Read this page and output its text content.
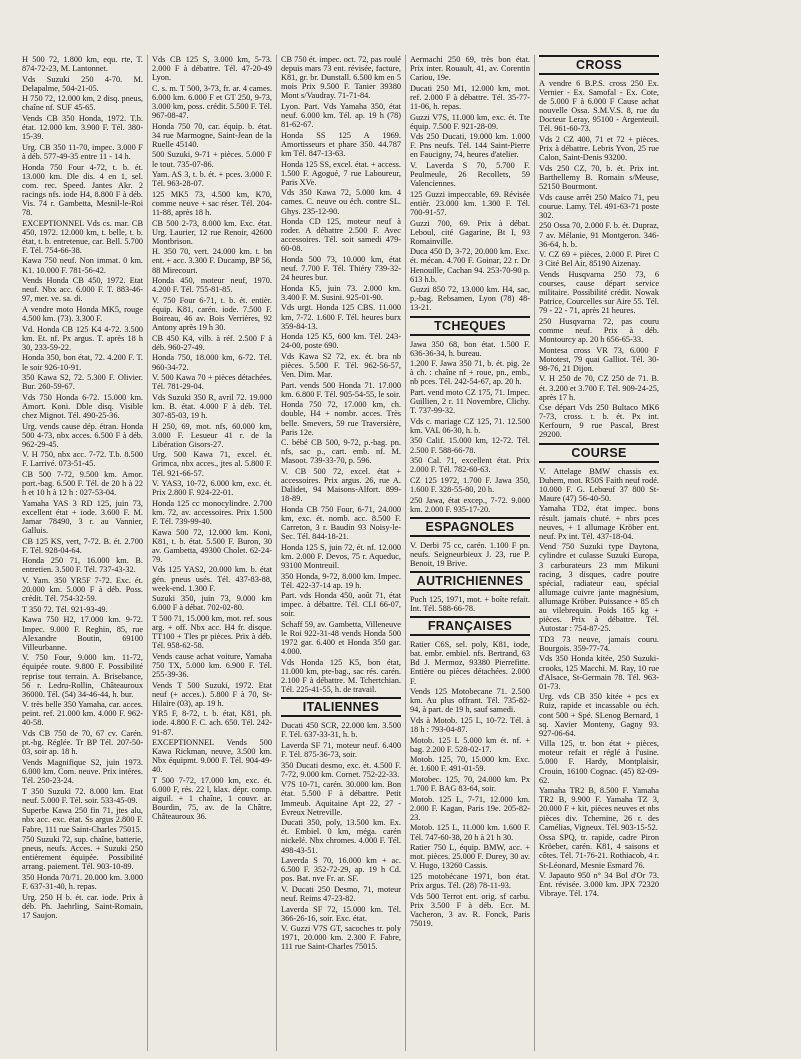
H 500 72, 1.800 km, equ. rte, T. 874-72-23, M. Lantonnet.
Vds Suzuki 250 4-70. M. Delapalme, 504-21-05.
H 750 72, 12.000 km, 2 disq. pneus, chaîne nf. SUF 45-65.
Vends CB 350 Honda, 1972. T.b. état. 12.000 km. 3.900 F. Tél. 380-15-39.
Urg. CB 350 11-70, impec. 3.000 F à déb. 577-49-35 entre 11 - 14 h.
Honda 750 Four 4-72, t. b. ét. 13.000 km. Dle dis. 4 en 1, sel. com. rec. Speed. Jantes Akr. 2 racings nfs. iode H4, 8.800 F à déb. Vis. 74 r. Gambetta, Mesnil-le-Roi 78.
EXCEPTIONNEL Vds cs. mar. CB 450, 1972. 12.000 km, t. belle, t. b. état, t. b. entretenue, car. Bell. 5.700 F. Tél. 754-66-38.
Kawa 750 neuf. Non immat. 0 km. K1. 10.000 F. 781-56-42.
Vends Honda CB 450, 1972. Etat neuf. Nbx acc. 6.000 F. T. 883-46-97, mer. ve. sa. di.
A vendre moto Honda MK5, rouge 4.500 km. (73). 3.300 F.
Vd. Honda CB 125 K4 4-72. 3.500 km. Et. nf. Px argus. T. après 18 h 30, 233-59-22.
Honda 350, bon état, 72. 4.200 F. T. le soir 926-10-91.
350 Kawa S2, 72. 5.300 F. Olivier. Bur. 260-59-67.
Vds 750 Honda 6-72. 15.000 km. Amort. Koni. Dble disq. Visible chez Mignot. Tél. 490-25-36.
Urg. vends cause dép. étran. Honda 500 4-73, nbx acces. 6.500 F à déb. 962-29-45.
V. H 750, nbx acc. 7-72. T.b. 8.500 F. Larrivé. 073-51-45.
CB 500 7-72, 9.500 km. Amor. port.-bag. 6.500 F. Tél. de 20 h à 22 h et 10 h à 12 h : 027-53-04.
Yamaha YAS 3 RD 125, juin 73, excellent état + iode. 3.600 F. M. Jamar 78490, 3 r. au Vannier, Galluis.
CB 125 KS, vert, 7-72. B. ét. 2.700 F. Tél. 928-04-64.
Honda 250 71, 16.000 km. B. entretien. 3.500 F. Tél. 737-43-32.
V. Yam. 350 YR5F 7-72. Exc. ét. 20.000 km. 5.000 F à déb. Poss. crédit. Tél. 754-32-59.
T 350 72. Tél. 921-93-49.
Kawa 750 H2, 17.000 km. 9-72. Impec. 9.000 F. Reghin, 85, rue Alexandre Boutin, 69100 Villeurbanne.
V. 750 Four, 9.000 km. 11-72, équipée route. 9.800 F. Possibilité reprise tout terrain. A. Brisebance, 56 r. Ledru-Rollin, Châteauroux 36000. Tél. (54) 34-46-44, h. bur.
V. très belle 350 Yamaha, car. acces. peint. ref. 21.000 km. 4.000 F. 962-40-58.
Vds CB 750 de 70, 67 cv. Carén. pt.-bg. Réglée. Tr BP Tél. 207-50-03, soir ap. 18 h.
Vends Magnifique S2, juin 1973. 6.000 km. Com. neuve. Prix intéres. Tél. 250-23-24.
T 350 Suzuki 72. 8.000 km. Etat neuf. 5.000 F. Tél. soir. 533-45-09.
Superbe Kawa 250 fin 71, jtes alu, nbx acc. exc. état. Ss argus 2.800 F. Fabre, 111 rue Saint-Charles 75015.
750 Suzuki 72, sup. chaîne, batterie, pneus, neufs. Acces. + Suzuki 250 entièrement équipée. Possibilité arrang. paiement. Tél. 903-10-89.
350 Honda 70/71. 20.000 km. 3.000 F. 637-31-40, h. repas.
Urg. 250 H b. ét. car. iode. Prix à déb. Ph. Jaehrling, Saint-Romain, 17 Saujon.
Vds CB 125 S, 3.000 km, 5-73. 2.000 F à débattre. Tél. 47-20-49 Lyon.
C. s. m. T 500, 3-73, fr. ar. 4 cames. 6.000 km. 6.000 F et GT 250, 9-73, 3.000 km, poss. crédit. 5.500 F. Tél. 967-08-47.
Honda 750 70, car. équip. b. état. 34 rue Marmogne, Saint-Jean de la Ruelle 45140.
500 Suzuki, 9-71 + pièces. 5.000 F le tout. 735-07-86.
Yam. AS 3, t. b. ét. + pces. 3.000 F. Tél. 963-28-07.
125 MK5 73, 4.500 km, K70, comme neuve + sac réser. Tél. 204-11-88, après 18 h.
CB 500 2-73, 8.000 km. Exc. état. Urg. Laurier, 12 rue Renoir, 42600 Montbrison.
H. 350 70, vert. 24.000 km. t. bn ent. + acc. 3.300 F. Ducamp, BP 56, 88 Mirecourt.
Honda 450, moteur neuf, 1970. 4.200 F. Tél. 755-81-85.
V. 750 Four 6-71, t. b. ét. entièr. équip. K81, carén. iode. 7.500 F. Boireau, 46 av. Bois Verrières, 92 Antony après 19 h 30.
CB 450 K4, vilb. à réf. 2.500 F à déb. 960-27-49.
Honda 750, 18.000 km, 6-72. Tél. 960-34-72.
V. 500 Kawa 70 + pièces détachées. Tél. 781-29-04.
Vds Suzuki 350 R, avril 72. 19.000 km. B. état. 4.000 F à déb. Tél. 307-85-03, 19 h.
H 250, 69, mot. nfs, 60.000 km, 3.000 F. Lesueur 41 r. de la Libération Gisors-27.
Urg. 500 Kawa 71, excel. ét. Grimca, nbx acces., jtes al. 5.800 F. Tél. 921-66-57.
V. YAS3, 10-72, 6.000 km, exc. ét. Prix 2.800 F. 924-22-01.
Honda 125 cc monocylindre. 2.700 km. 72, av. accessoires. Prix 1.500 F. Tél. 739-99-40.
Kawa 500 72, 12.000 km. Koni, K81, t. b. état. 5.500 F. Buron, 30 av. Gambetta, 49300 Cholet. 62-24-79.
Vds 125 YAS2, 20.000 km. b. état gén. pneus usés. Tél. 437-83-88, week-end. 1.300 F.
Suzuki 350, juin 73, 9.000 km 6.000 F à débat. 702-02-80.
T 500 71, 15.000 km, mot. ref. sous arg. + off. Nbx acc. H4 fr. disque. TT100 + Tles pr pièces. Prix à déb. Tél. 958-62-58.
Vends cause achat voiture, Yamaha 750 TX, 5.000 km. 6.900 F. Tél. 255-39-36.
Vends T 500 Suzuki, 1972. Etat neuf (+ acces.). 5.800 F à 70, St-Hilaire (03), ap. 19 h.
YR5 F, 8-72, t. b. état, K81, ph. iode. 4.800 F. C. ach. 650. Tél. 242-91-87.
EXCEPTIONNEL Vends 500 Kawa Rickman, neuve, 3.500 km. Nbx équipmt. 9.000 F. Tél. 904-49-40.
T 500 7-72, 17.000 km, exc. ét. 6.000 F, rés. 22 l, klax. dépr. comp. aiguil. + 1 chaîne, 1 couvr. ar. Bourdin, 75, av. de la Châtre, Châteauroux 36.
CB 750 ét. impec. oct. 72, pas roulé depuis mars 73 ent. révisée, facture, K81, gr. br. Dunstall. 6.500 km en 5 mois Prix 9.500 F. Tanier 39380 Mont s/Vaudray. 71-71-84.
Lyon. Part. Vds Yamaha 350, état neuf. 6.000 km. Tél. ap. 19 h (78) 81-62-67.
Honda SS 125 A 1969. Amortisseurs et phare 350. 44.787 km Tél. 847-13-63.
Honda 125 SS, excel. état. + access. 1.500 F. Agogué, 7 rue Laboureur, Paris XVe.
Vds 350 Kawa 72, 5.000 km. 4 cames. C. neuve ou éch. contre SL. Ghys. 235-12-90.
Honda CD 125, moteur neuf à roder. A débattre 2.500 F. Avec accessoires. Tél. soit samedi 479-60-08.
Honda 500 73, 10.000 km, état neuf. 7.700 F. Tél. Thiéry 739-32-24 heures bur.
Honda K5, juin 73. 2.000 km. 3.400 F. M. Susini. 925-01-90.
Vds urgt. Honda 125 CBS. 11.000 km, 7-72. 1.600 F. Tél. heures burx 359-84-13.
Honda 125 K5, 600 km. Tél. 243-24-00, poste 690.
Vds Kawa S2 72, ex. ét. bra nb pièces. 5.500 F. Tél. 962-56-57, Ven. Dim. Mar.
Part. vends 500 Honda 71. 17.000 km. 6.800 F. Tél. 905-54-55, le soir.
Honda 750 72, 17.000 km, ch. double, H4 + nombr. acces. Très belle. Smevers, 59 rue Traversière, Paris 12e.
C. bébé CB 500, 9-72, p.-bag. pn. nfs, sac p., cart. emb. nf. M. Masoot. 739-33-70, p. 596.
V. CB 500 72, excel. état + accessoires. Prix argus. 26, rue A. Dalidet, 94 Maisons-Alfort. 899-18-89.
Honda CB 750 Four, 6-71, 24.000 km, exc. ét. nomb. acc. 8.500 F. Carreton, 3 r. Baudin 93 Noisy-le-Sec. Tél. 844-18-21.
Honda 125 S, juin 72, ét. nf. 12.000 km. 2.000 F. Devos, 75 r. Aqueduc, 93100 Montreuil.
350 Honda, 9-72, 8.000 km. Impec. Tél. 422-37-14 ap. 19 h.
Part. vds Honda 450, août 71, état impec. à débattre. Tél. CLI 66-07, soir.
Schaff 59, av. Gambetta, Villeneuve le Roi 922-31-48 vends Honda 500 1972 gar. 6.400 et Honda 350 gar. 4.000.
Vds Honda 125 K5, bon état, 11.000 km, pte-bag., sac rés. carén. 2.100 F à débattre. M. Tchertchian. Tél. 225-41-55, h. de travail.
ITALIENNES
Ducati 450 SCR, 22.000 km. 3.500 F. Tél. 637-33-31, h. b.
Laverda SF 71, moteur neuf. 6.400 F. Tél. 875-36-73, soir.
350 Ducati desmo, exc. ét. 4.500 F. 7-72, 9.000 km. Cornet. 752-22-33.
V7S 10-71, carén. 30.000 km. Bon état. 5.500 F à débattre. Petit Immeub. Aquitaine Apt 22, 27 - Evreux Netreville.
Ducati 350, poly, 13.500 km. Ex. ét. Embiel. 0 km, méga. carén nickelé. Nbx chromes. 4.000 F. Tél. 498-43-51.
Laverda S 70, 16.000 km + ac. 6.500 F. 352-72-29, ap. 19 h Cd. pos. Bat. nve Fr. ar. SF.
V. Ducati 250 Desmo, 71, moteur neuf. Reims 47-23-82.
Laverda SF 72, 15.000 km. Tél. 366-26-16, soir. Exc. état.
V. Guzzi V7S GT, sacoches tr. poly 1971, 20.000 km. 2.300 F. Fabre, 111 rue Saint-Charles 75015.
Aermachi 250 69, très bon état. Prix inter. Rouault, 41, av. Corentin Cariou, 19e.
Ducati 250 M1, 12.000 km, mot. ref. 2.000 F à débattre. Tél. 35-77-11-06, h. repas.
Guzzi V7S, 11.000 km, exc. ét. Tte équip. 7.500 F. 921-28-09.
Vds 250 Ducati, 19.000 km. 1.000 F. Pns neufs. Tél. 144 Saint-Pierre en Faucigny, 74, heures d'atelier.
V. Laverda S 70, 5.700 F. Peulmeule, 26 Recollets, 59 Valenciennes.
125 Guzzi impeccable, 69. Révisée entièr. 23.000 km. 1.300 F. Tél. 700-91-57.
Guzzi 700, 69. Prix à débat. Leboul, cité Gagarine, Bt I, 93 Romainville.
Duca 450 D, 3-72, 20.000 km. Exc. ét. mécan. 4.700 F. Goinar, 22 r. Dr Henouille, Cachan 94. 253-70-90 p. 613 h.b.
Guzzi 850 72, 13.000 km. H4, sac, p.-bag. Rebsamen, Lyon (78) 48-13-21.
TCHEQUES
Jawa 350 68, bon état. 1.500 F. 636-36-34, h. bureau.
1.200 F. Jawa 350 71, b. ét. pig. 2e à ch. : chaîne nf + roue, pn., emb., nb pces. Tél. 242-54-67, ap. 20 h.
Part. vend moto CZ 175, 71. Impec. Guillien, 2 r. 11 Novembre, Clichy. T. 737-99-32.
Vds c. mariage CZ 125, 71. 12.500 km. VAL 06-30, h. b.
350 Calif. 15.000 km, 12-72. Tél. 2.500 F. 588-66-78.
350 Cal. 71, excellent état. Prix 2.000 F. Tél. 782-60-63.
CZ 125 1972, 1.700 F. Jawa 350, 1.600 F. 328-55-80, 20 h.
250 Jawa, état excep., 7-72. 9.000 km. 2.000 F. 935-17-20.
ESPAGNOLES
V. Derbi 75 cc, carén. 1.100 F pn. neufs. Seigneurbieux J. 23, rue P. Benoit, 19 Brive.
AUTRICHIENNES
Puch 125, 1971, mot. + boîte refait. Int. Tél. 588-66-78.
FRANÇAISES
Ratier C6S, sel. poly, K81, iode, bat. embr. embiel. nfs. Bertrand, 63 Bd J. Mermoz, 93380 Pierrefitte. Entière ou pièces détachées. 2.000 F.
Vends 125 Motobecane 71. 2.500 km. Au plus offrant. Tél. 735-82-94, à part. de 19 h, sauf samedi.
Vds à Motob. 125 L, 10-72. Tél. à 18 h : 793-04-87.
Motob. 125 L 5.000 km ét. nf. + bag. 2.200 F. 528-02-17.
Motob. 125, 70, 15.000 km. Exc. ét. 1.600 F. 491-01-59.
Motobec. 125, 70, 24.000 km. Px 1.700 F. BAG 83-64, soir.
Motob. 125 L, 7-71, 12.000 km. 2.000 F. Kagan, Paris 19e. 205-82-23.
Motob. 125 L, 11.000 km. 1.600 F. Tél. 747-60-38, 20 h à 21 h 30.
Ratier 750 L, équip. BMW, acc. + mot. pièces. 25.000 F. Durey, 30 av. V. Hugo, 13260 Cassis.
125 motobécane 1971, bon état. Prix argus. Tél. (28) 78-11-93.
Vds 500 Terrot ent. orig. sf carbu. Prix 3.500 F à déb. Ecr. M. Vacheron, 3 av. R. Fonck, Paris 75019.
CROSS
A vendre 6 B.P.S. cross 250 Ex. Vernier - Ex. Samofal - Ex. Cote, de 5.000 F à 6.000 F Cause achat nouvelle Ossa. S.M.V.S. 8, rue du Docteur Leray, 95100 - Argenteuil. Tél. 961-60-73.
Vds 2 CZ 400, 71 et 72 + pièces. Prix à débattre. Lebris Yvon, 25 rue Calon, Saint-Denis 93200.
Vds 250 CZ, 70, b. ét. Prix int. Barthellemy B. Romain s/Meuse, 52150 Bourmont.
Vds cause arrêt 250 Maïco 71, peu courue. Lamy. Tél. 491-63-71 poste 302.
250 Ossa 70, 2.000 F. b. ét. Dupraz, 7 av. Mélanie, 91 Montgeron. 346-36-64, h. b.
V. CZ 69 + pièces, 2.000 F. Piret C 3 Cité Bel Air, 85190 Aizenay.
Vends Husqvarna 250 73, 6 courses, cause départ service militaire. Possibilité crédit. Nowak Patrice, Courcelles sur Aire 55. Tél. 79 - 22 - 71, après 21 heures.
250 Husqvarna 72, pas couru comme neuf. Prix à déb. Montourcy ap. 20 h 656-65-33.
Montesa cross VR 73, 6.000 F Mototest, 79 quai Galliot. Tél. 30-98-76, 21 Dijon.
V. H 250 de 70, CZ 250 de 71. B. ét. 3.200 et 3.700 F. Tél. 909-24-25, après 17 h.
Cse départ Vds 250 Bultaco MK6 7-73, cross. t. b. ét. Px int. Kerfourn, 9 rue Pascal, Brest 29200.
COURSE
V. Attelage BMW chassis ex. Duhem, mot. R50S Faith neuf rodé. 10.000 F. G. Lebœuf 37 800 St-Maure (47) 56-40-50.
Yamaha TD2, état impec. bons résult. jamais chuté. + nbrs pces neuves, + 1 allumage Kröber ent. neuf. Px int. Tél. 437-18-04.
Vend 750 Suzuki type Daytona, cylindre et culasse Suzuki Europa, 3 carburateurs 23 mm Mikuni racing, 3 disques, cadre poutre spécial, radiateur eau, spécial allumage cuivre jante magnésium, allumage Kröber. Puissance + 85 ch au vilebrequin. Poids 165 kg + pièces. Prix à débattre. Tél. Autostar : 754-87-25.
TD3 73 neuve, jamais couru. Bourgois. 359-77-74.
Vds 350 Honda kitée, 250 Suzuki-crooks, 125 Macchi. M. Ray, 10 rue d'Alsace, St-Germain 78. Tél. 963-01-73.
Urg. vds CB 350 kitée + pcs ex Ruiz, rapide et incassable ou éch. cont 500 + Spé. SLenog Bernard, 1 sq. Xavier Monteny, Gagny 93. 927-06-64.
Villa 125, tr. bon état + pièces, moteur refait et réglé à l'usine. 5.000 F. Hardy, Montplaisir, Crouin, 16100 Cognac. (45) 82-09-62.
Yamaha TR2 B, 8.500 F. Yamaha TR2 B, 9.900 F. Yamaha TZ 3, 20.000 F + kit, pièces neuves et nbs pièces div. Tchernine, 26 r. des Camélias, Vigneux. Tél. 903-15-52.
Ossa SPQ, tr. rapide, cadre Piron Kröeber, carén. K81, 4 saisons et côtes. Tél. 71-76-21. Rothiacob, 4 r. St-Léonard, Mesnie Esmard 76.
V. Japauto 950 n° 34 Bol d'Or 73. Ent. révisée. 3.000 km. JPX 72320 Vibraye. Tél. 174.
